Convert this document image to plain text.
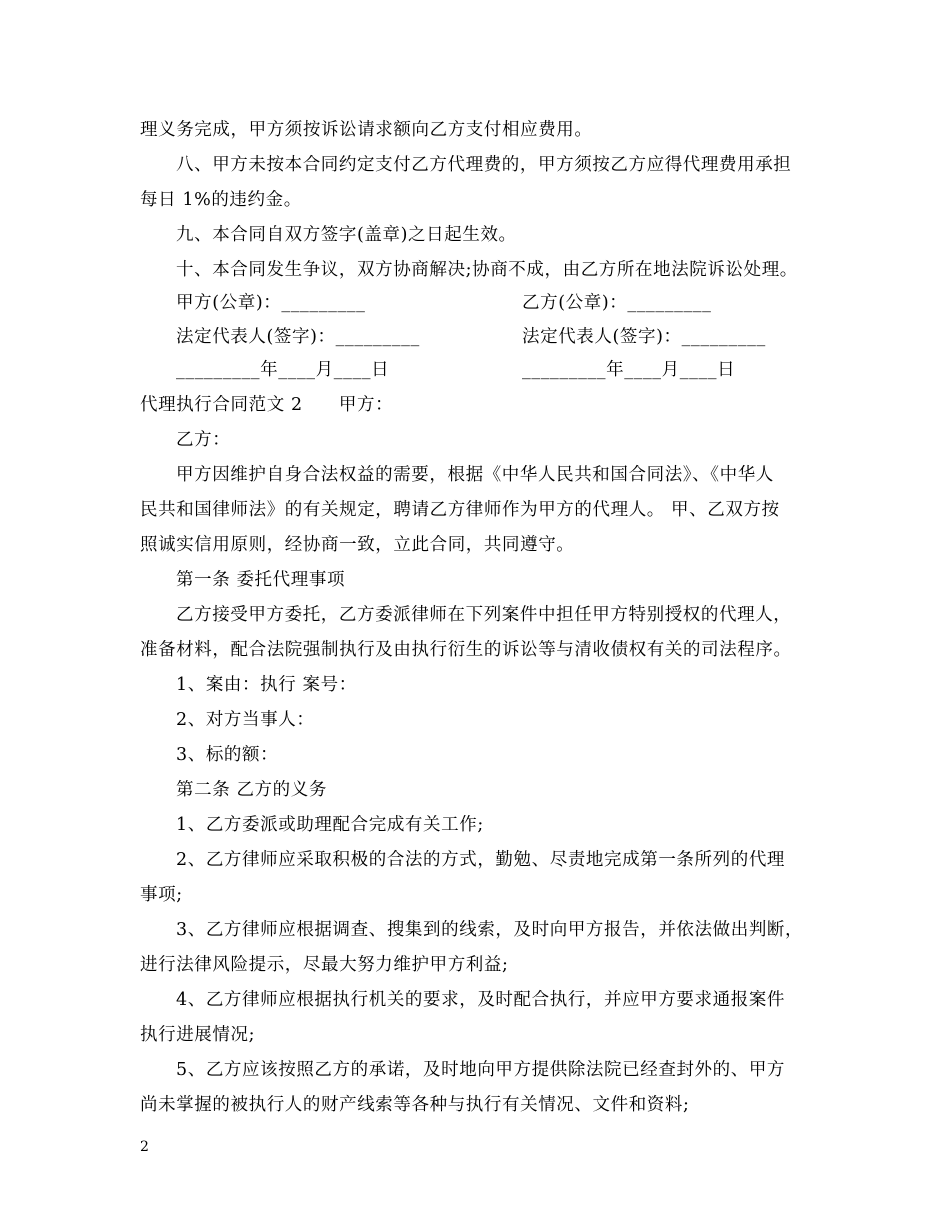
理义务完成，甲方须按诉讼请求额向乙方支付相应费用。
八、甲方未按本合同约定支付乙方代理费的，甲方须按乙方应得代理费用承担
每日 1%的违约金。
九、本合同自双方签字(盖章)之日起生效。
十、本合同发生争议，双方协商解决;协商不成，由乙方所在地法院诉讼处理。
甲方(公章)：_________	乙方(公章)：_________
法定代表人(签字)：_________	法定代表人(签字)：_________
_________年____月____日	_________年____月____日
代理执行合同范文 2　　甲方：
乙方：
甲方因维护自身合法权益的需要，根据《中华人民共和国合同法》、《中华人
民共和国律师法》的有关规定，聘请乙方律师作为甲方的代理人。 甲、乙双方按
照诚实信用原则，经协商一致，立此合同，共同遵守。
第一条 委托代理事项
乙方接受甲方委托，乙方委派律师在下列案件中担任甲方特别授权的代理人，
准备材料，配合法院强制执行及由执行衍生的诉讼等与清收债权有关的司法程序。
1、案由：执行 案号：
2、对方当事人：
3、标的额：
第二条 乙方的义务
1、乙方委派或助理配合完成有关工作;
2、乙方律师应采取积极的合法的方式，勤勉、尽责地完成第一条所列的代理
事项;
3、乙方律师应根据调查、搜集到的线索，及时向甲方报告，并依法做出判断，
进行法律风险提示，尽最大努力维护甲方利益;
4、乙方律师应根据执行机关的要求，及时配合执行，并应甲方要求通报案件
执行进展情况;
5、乙方应该按照乙方的承诺，及时地向甲方提供除法院已经查封外的、甲方
尚未掌握的被执行人的财产线索等各种与执行有关情况、文件和资料;
2
